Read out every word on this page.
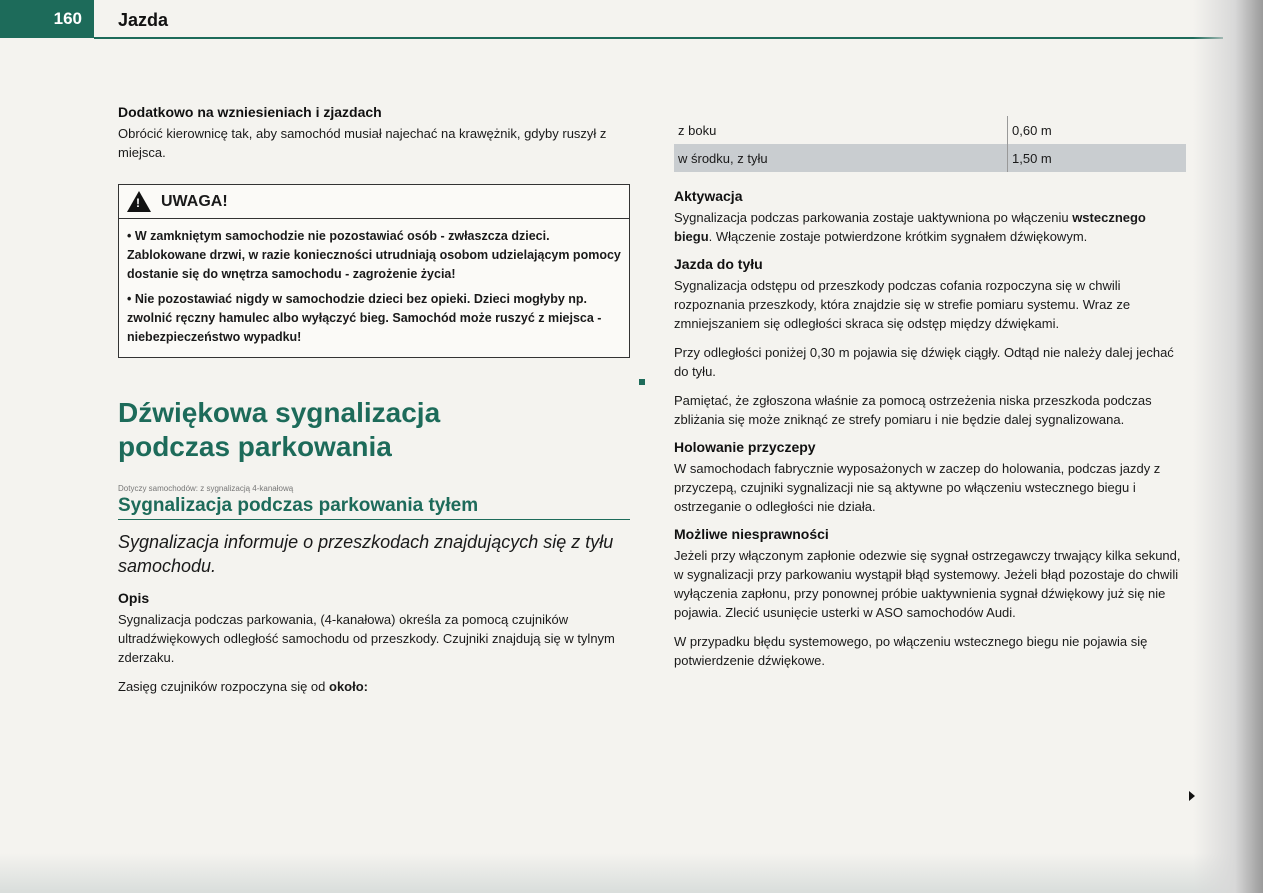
160	Jazda
Dodatkowo na wzniesieniach i zjazdach

Obrócić kierownicę tak, aby samochód musiał najechać na krawężnik, gdyby ruszył z miejsca.

!
UWAGA!

• W zamkniętym samochodzie nie pozostawiać osób - zwłaszcza dzieci. Zablokowane drzwi, w razie konieczności utrudniają osobom udzielającym pomocy dostanie się do wnętrza samochodu - zagrożenie życia!

• Nie pozostawiać nigdy w samochodzie dzieci bez opieki. Dzieci mogłyby np. zwolnić ręczny hamulec albo wyłączyć bieg. Samochód może ruszyć z miejsca - niebezpieczeństwo wypadku!

Dźwiękowa sygnalizacja
podczas parkowania
Dotyczy samochodów: z sygnalizacją 4-kanałową
Sygnalizacja podczas parkowania tyłem
Sygnalizacja informuje o przeszkodach znajdujących się z tyłu samochodu.
Opis

Sygnalizacja podczas parkowania, (4-kanałowa) określa za pomocą czujników ultradźwiękowych odległość samochodu od przeszkody. Czujniki znajdują się w tylnym zderzaku.

Zasięg czujników rozpoczyna się od około:

z boku	0,60 m
w środku, z tyłu	1,50 m
Aktywacja

Sygnalizacja podczas parkowania zostaje uaktywniona po włączeniu wstecznego biegu. Włączenie zostaje potwierdzone krótkim sygnałem dźwiękowym.

Jazda do tyłu

Sygnalizacja odstępu od przeszkody podczas cofania rozpoczyna się w chwili rozpoznania przeszkody, która znajdzie się w strefie pomiaru systemu. Wraz ze zmniejszaniem się odległości skraca się odstęp między dźwiękami.

Przy odległości poniżej 0,30 m pojawia się dźwięk ciągły. Odtąd nie należy dalej jechać do tyłu.

Pamiętać, że zgłoszona właśnie za pomocą ostrzeżenia niska przeszkoda podczas zbliżania się może zniknąć ze strefy pomiaru i nie będzie dalej sygnalizowana.

Holowanie przyczepy

W samochodach fabrycznie wyposażonych w zaczep do holowania, podczas jazdy z przyczepą, czujniki sygnalizacji nie są aktywne po włączeniu wstecznego biegu i ostrzeganie o odległości nie działa.

Możliwe niesprawności

Jeżeli przy włączonym zapłonie odezwie się sygnał ostrzegawczy trwający kilka sekund, w sygnalizacji przy parkowaniu wystąpił błąd systemowy. Jeżeli błąd pozostaje do chwili wyłączenia zapłonu, przy ponownej próbie uaktywnienia sygnał dźwiękowy już się nie pojawia. Zlecić usunięcie usterki w ASO samochodów Audi.

W przypadku błędu systemowego, po włączeniu wstecznego biegu nie pojawia się potwierdzenie dźwiękowe.
